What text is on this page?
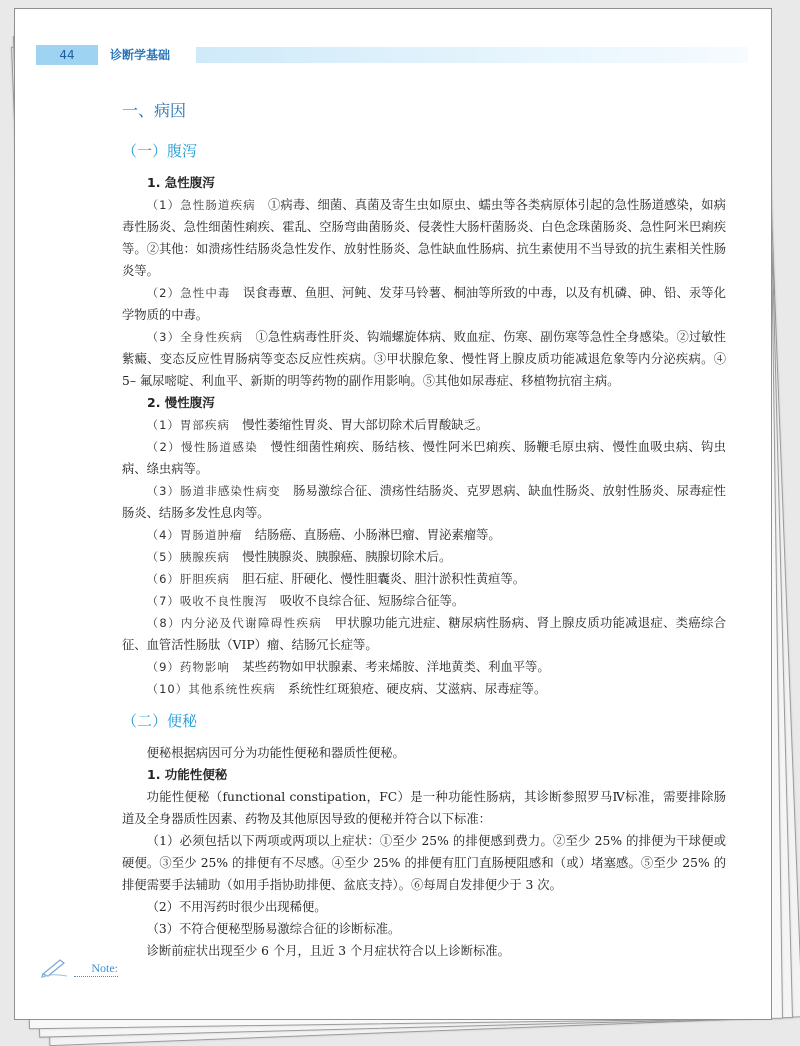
44	诊断学基础
一、病因
（一）腹泻
1. 急性腹泻

（1）急性肠道疾病  ①病毒、细菌、真菌及寄生虫如原虫、蠕虫等各类病原体引起的急性肠道感染，如病毒性肠炎、急性细菌性痢疾、霍乱、空肠弯曲菌肠炎、侵袭性大肠杆菌肠炎、白色念珠菌肠炎、急性阿米巴痢疾等。②其他：如溃疡性结肠炎急性发作、放射性肠炎、急性缺血性肠病、抗生素使用不当导致的抗生素相关性肠炎等。

（2）急性中毒  误食毒蕈、鱼胆、河鲀、发芽马铃薯、桐油等所致的中毒，以及有机磷、砷、铅、汞等化学物质的中毒。

（3）全身性疾病  ①急性病毒性肝炎、钩端螺旋体病、败血症、伤寒、副伤寒等急性全身感染。②过敏性紫癜、变态反应性胃肠病等变态反应性疾病。③甲状腺危象、慢性肾上腺皮质功能减退危象等内分泌疾病。④ 5– 氟尿嘧啶、利血平、新斯的明等药物的副作用影响。⑤其他如尿毒症、移植物抗宿主病。

2. 慢性腹泻

（1）胃部疾病  慢性萎缩性胃炎、胃大部切除术后胃酸缺乏。

（2）慢性肠道感染  慢性细菌性痢疾、肠结核、慢性阿米巴痢疾、肠鞭毛原虫病、慢性血吸虫病、钩虫病、绦虫病等。

（3）肠道非感染性病变  肠易激综合征、溃疡性结肠炎、克罗恩病、缺血性肠炎、放射性肠炎、尿毒症性肠炎、结肠多发性息肉等。

（4）胃肠道肿瘤  结肠癌、直肠癌、小肠淋巴瘤、胃泌素瘤等。

（5）胰腺疾病  慢性胰腺炎、胰腺癌、胰腺切除术后。

（6）肝胆疾病  胆石症、肝硬化、慢性胆囊炎、胆汁淤积性黄疸等。

（7）吸收不良性腹泻  吸收不良综合征、短肠综合征等。

（8）内分泌及代谢障碍性疾病  甲状腺功能亢进症、糖尿病性肠病、肾上腺皮质功能减退症、类癌综合征、血管活性肠肽（VIP）瘤、结肠冗长症等。

（9）药物影响  某些药物如甲状腺素、考来烯胺、洋地黄类、利血平等。

（10）其他系统性疾病  系统性红斑狼疮、硬皮病、艾滋病、尿毒症等。

（二）便秘

便秘根据病因可分为功能性便秘和器质性便秘。

1. 功能性便秘

功能性便秘（functional constipation，FC）是一种功能性肠病，其诊断参照罗马Ⅳ标准，需要排除肠道及全身器质性因素、药物及其他原因导致的便秘并符合以下标准：

（1）必须包括以下两项或两项以上症状：①至少 25% 的排便感到费力。②至少 25% 的排便为干球便或硬便。③至少 25% 的排便有不尽感。④至少 25% 的排便有肛门直肠梗阻感和（或）堵塞感。⑤至少 25% 的排便需要手法辅助（如用手指协助排便、盆底支持）。⑥每周自发排便少于 3 次。

（2）不用泻药时很少出现稀便。

（3）不符合便秘型肠易激综合征的诊断标准。

诊断前症状出现至少 6 个月，且近 3 个月症状符合以上诊断标准。

Note:
